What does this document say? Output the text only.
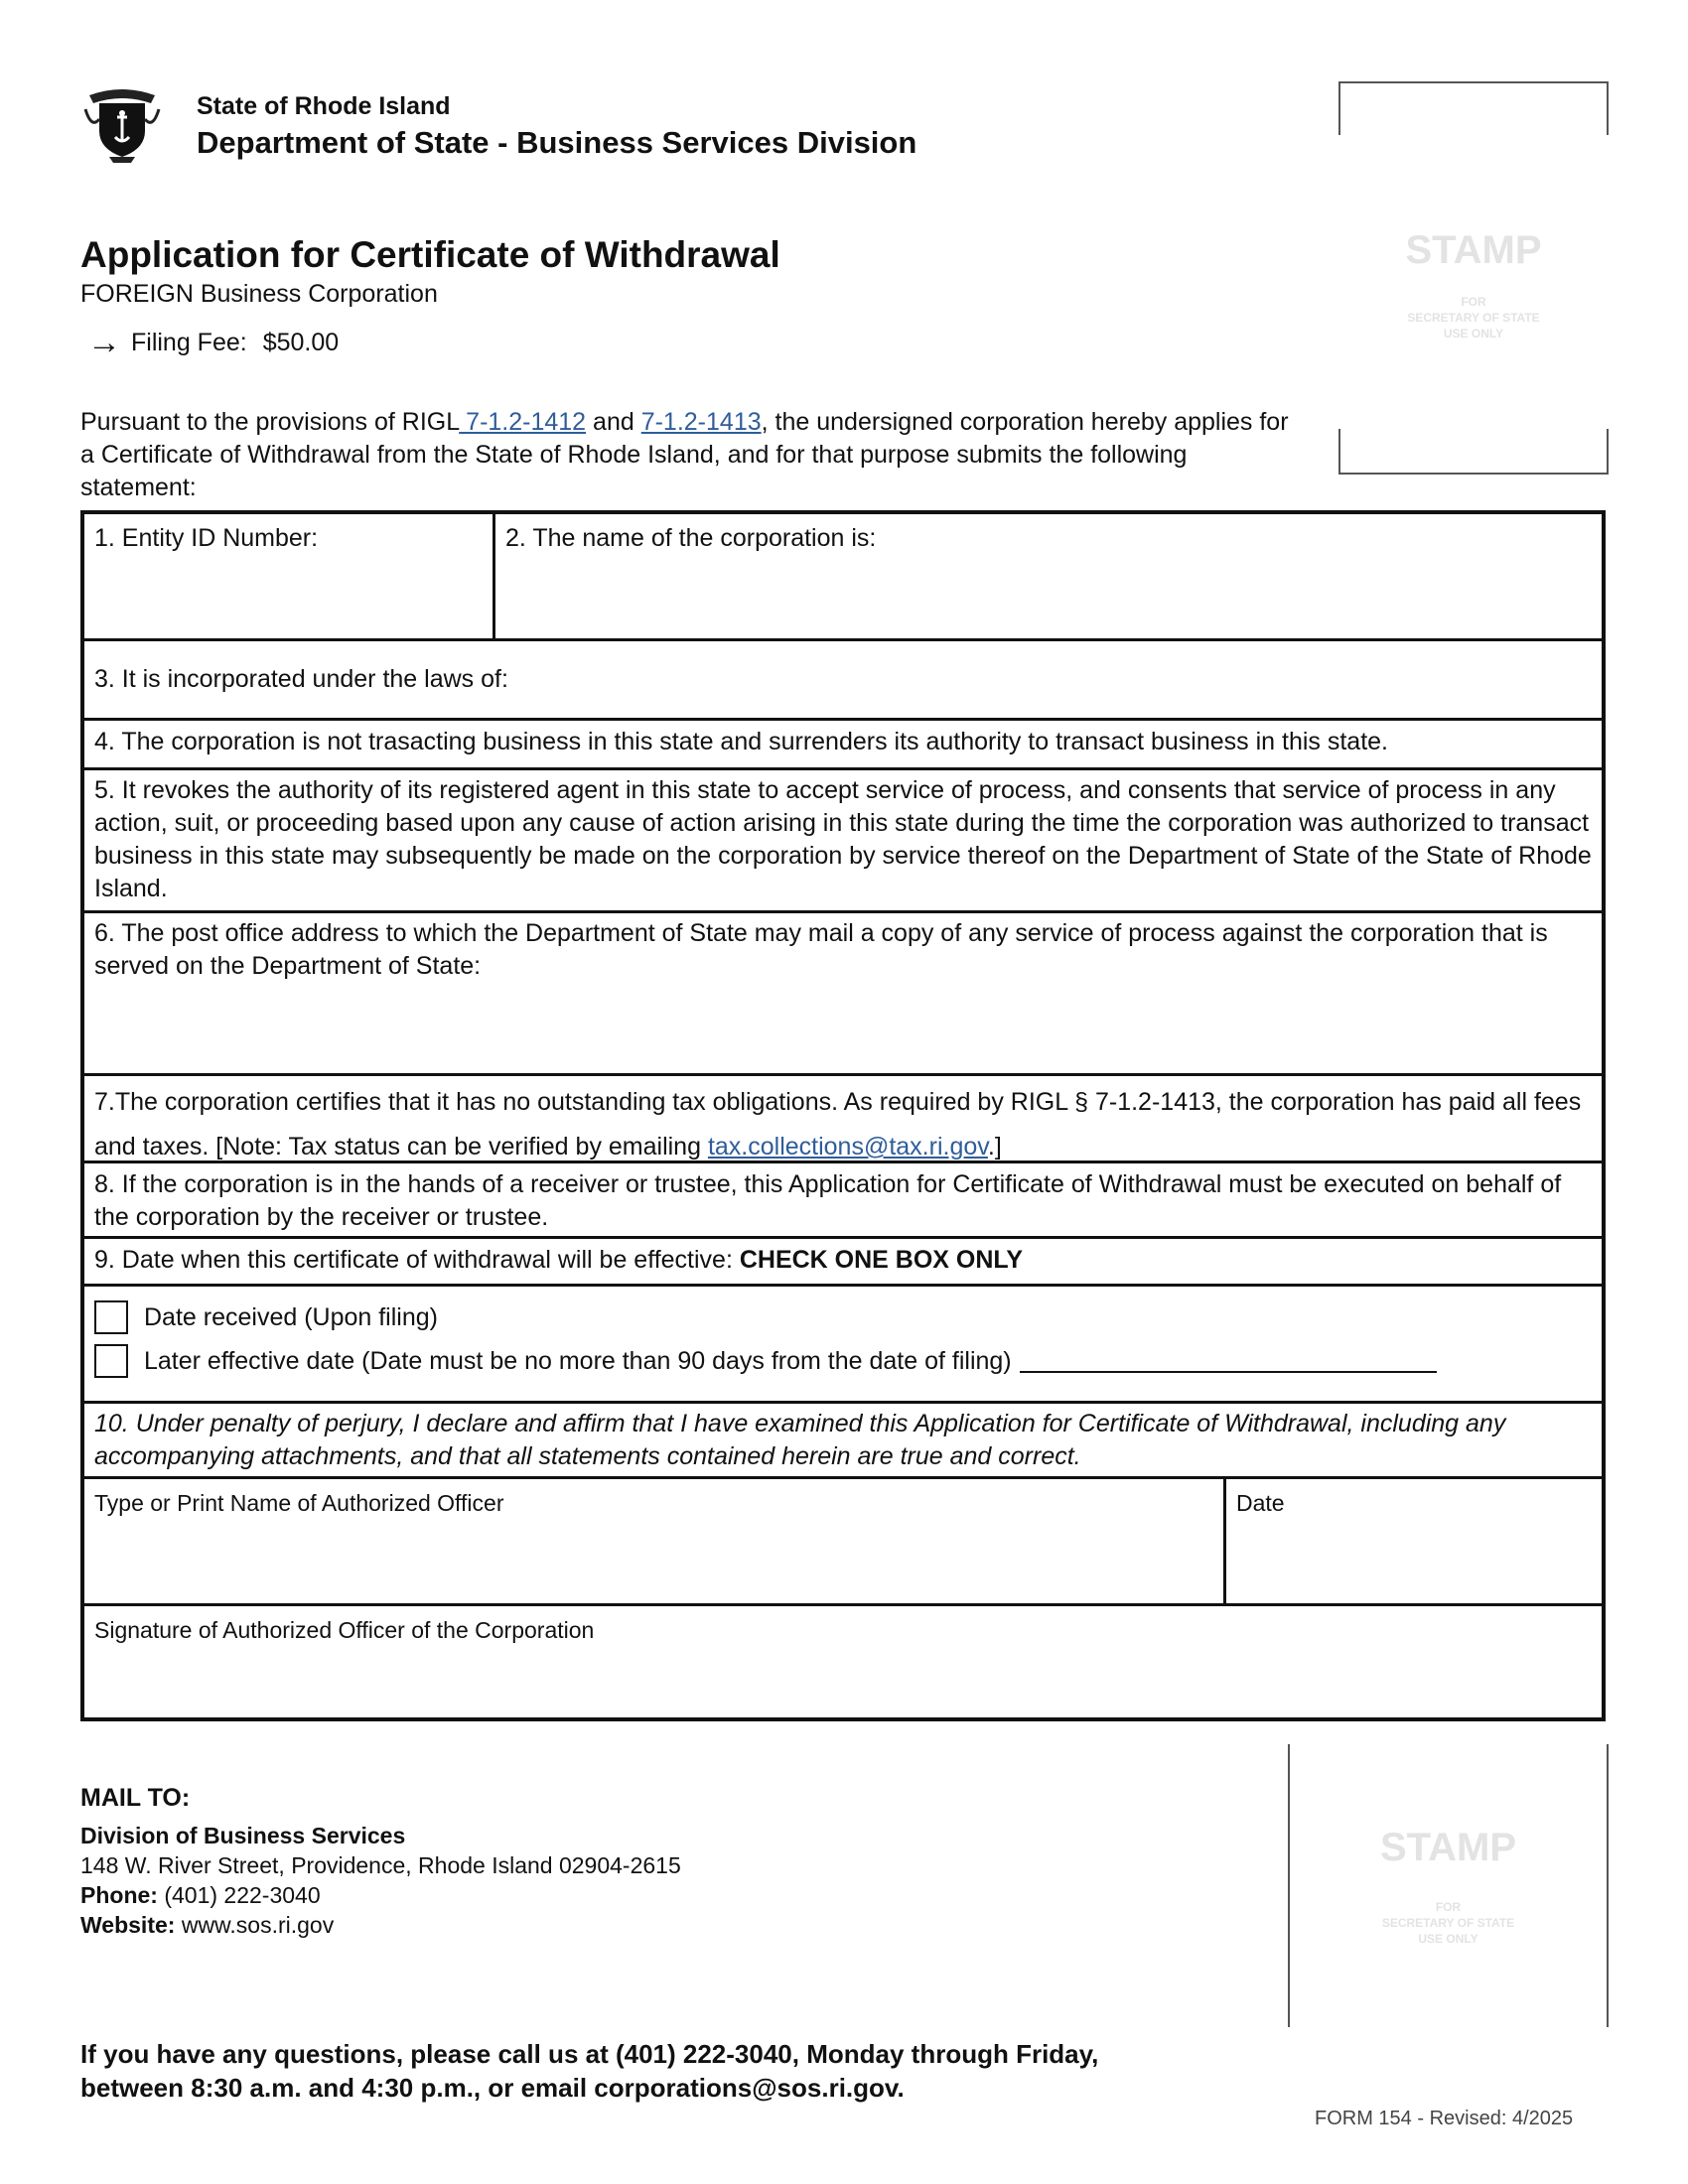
State of Rhode Island
Department of State - Business Services Division
Application for Certificate of Withdrawal
FOREIGN Business Corporation
→ Filing Fee: $50.00
Pursuant to the provisions of RIGL 7-1.2-1412 and 7-1.2-1413, the undersigned corporation hereby applies for a Certificate of Withdrawal from the State of Rhode Island, and for that purpose submits the following statement:
STAMP
FOR
SECRETARY OF STATE
USE ONLY
1. Entity ID Number:	2. The name of the corporation is:
3. It is incorporated under the laws of:
4. The corporation is not trasacting business in this state and surrenders its authority to transact business in this state.
5. It revokes the authority of its registered agent in this state to accept service of process, and consents that service of process in any action, suit, or proceeding based upon any cause of action arising in this state during the time the corporation was authorized to transact business in this state may subsequently be made on the corporation by service thereof on the Department of State of the State of Rhode Island.
6. The post office address to which the Department of State may mail a copy of any service of process against the corporation that is served on the Department of State:
7.The corporation certifies that it has no outstanding tax obligations. As required by RIGL § 7-1.2-1413, the corporation has paid all fees and taxes. [Note: Tax status can be verified by emailing tax.collections@tax.ri.gov.]
8. If the corporation is in the hands of a receiver or trustee, this Application for Certificate of Withdrawal must be executed on behalf of the corporation by the receiver or trustee.
9. Date when this certificate of withdrawal will be effective: CHECK ONE BOX ONLY
Date received (Upon filing)
Later effective date (Date must be no more than 90 days from the date of filing)
10. Under penalty of perjury, I declare and affirm that I have examined this Application for Certificate of Withdrawal, including any accompanying attachments, and that all statements contained herein are true and correct.
Type or Print Name of Authorized Officer	Date
Signature of Authorized Officer of the Corporation
MAIL TO:
Division of Business Services
148 W. River Street, Providence, Rhode Island 02904-2615
Phone: (401) 222-3040
Website: www.sos.ri.gov
STAMP
FOR
SECRETARY OF STATE
USE ONLY
If you have any questions, please call us at (401) 222-3040, Monday through Friday,
between 8:30 a.m. and 4:30 p.m., or email corporations@sos.ri.gov.
FORM 154 - Revised: 4/2025
